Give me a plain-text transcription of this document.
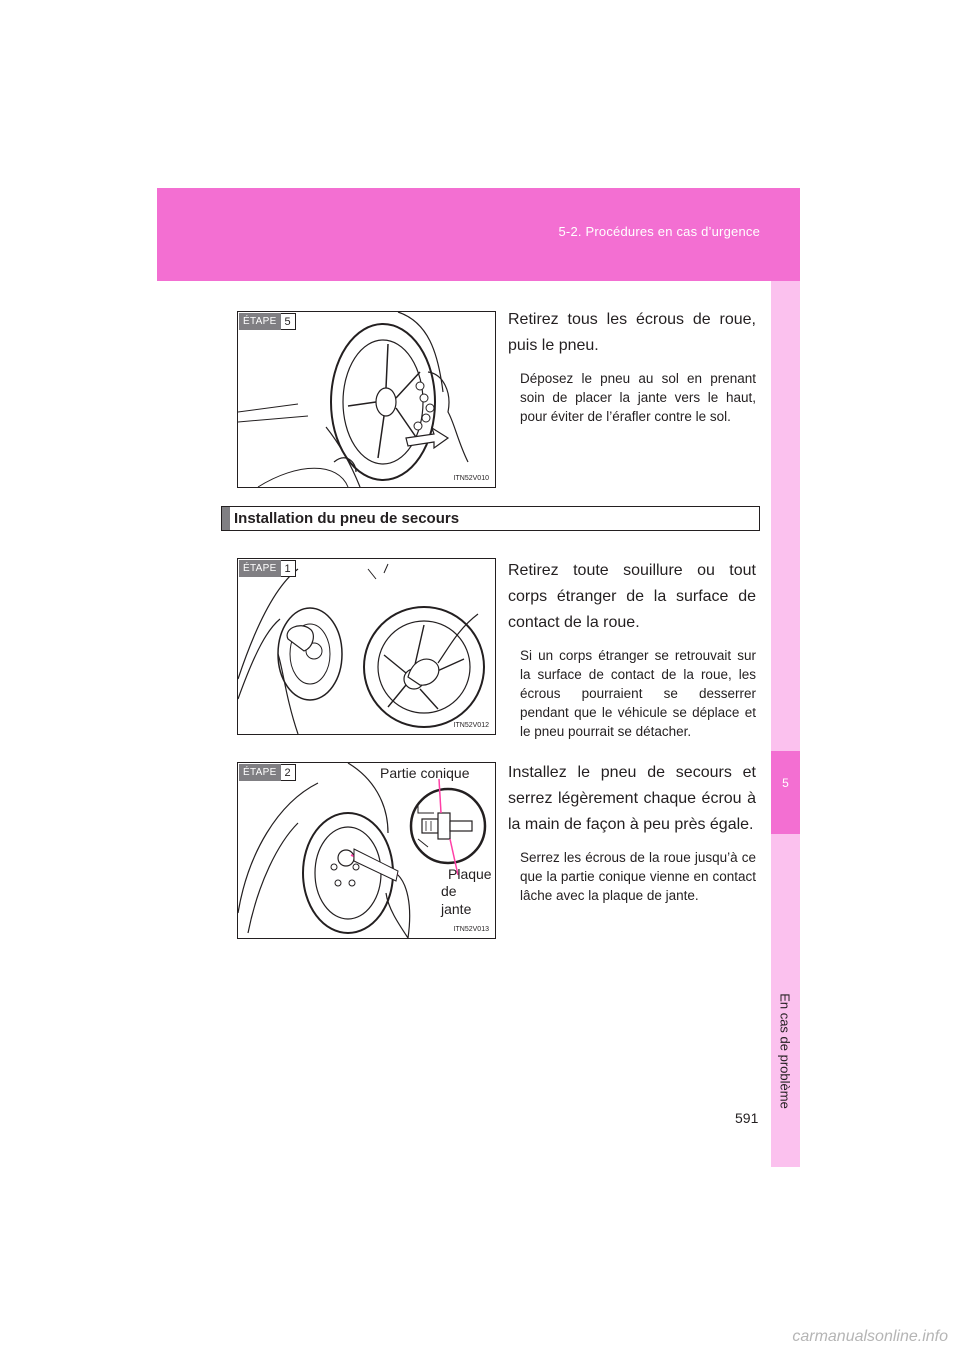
5-2. Procédures en cas d’urgence
5
En cas de problème
ÉTAPE 5
ITN52V010

Retirez tous les écrous de roue, puis le pneu.

Déposez le pneu au sol en prenant soin de placer la jante vers le haut, pour éviter de l’érafler contre le sol.

Installation du pneu de secours
ÉTAPE 1
ITN52V012

Retirez toute souillure ou tout corps étranger de la surface de contact de la roue.

Si un corps étranger se retrouvait sur la surface de contact de la roue, les écrous pourraient se desserrer pendant que le véhicule se déplace et le pneu pourrait se détacher.

ÉTAPE 2	Partie conique
Plaque
de
jante
ITN52V013

Installez le pneu de secours et serrez légèrement chaque écrou à la main de façon à peu près égale.

Serrez les écrous de la roue jusqu’à ce que la partie conique vienne en contact lâche avec la plaque de jante.

591
carmanualsonline.info
